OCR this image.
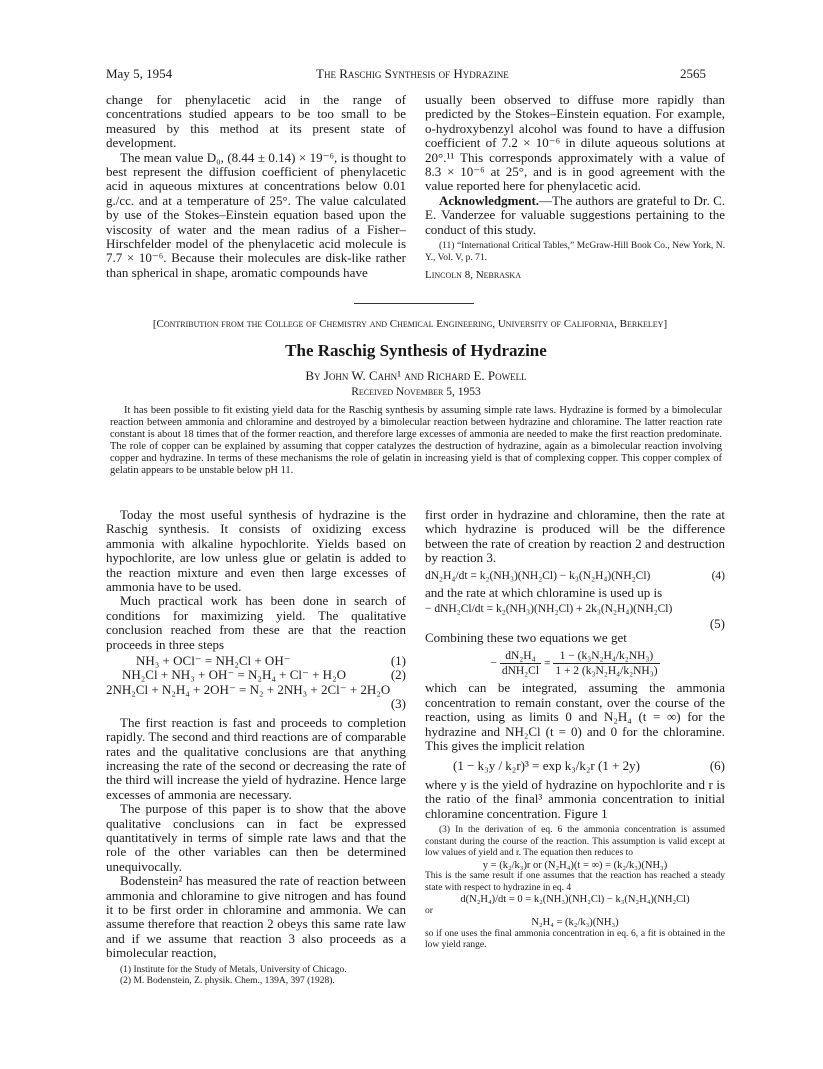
May 5, 1954	The Raschig Synthesis of Hydrazine	2565

change for phenylacetic acid in the range of concentrations studied appears to be too small to be measured by this method at its present state of development.

The mean value D₀, (8.44 ± 0.14) × 19⁻⁶, is thought to best represent the diffusion coefficient of phenylacetic acid in aqueous mixtures at concentrations below 0.01 g./cc. and at a temperature of 25°. The value calculated by use of the Stokes–Einstein equation based upon the viscosity of water and the mean radius of a Fisher–Hirschfelder model of the phenylacetic acid molecule is 7.7 × 10⁻⁶. Because their molecules are disk-like rather than spherical in shape, aromatic compounds have

usually been observed to diffuse more rapidly than predicted by the Stokes–Einstein equation. For example, o-hydroxybenzyl alcohol was found to have a diffusion coefficient of 7.2 × 10⁻⁶ in dilute aqueous solutions at 20°.¹¹ This corresponds approximately with a value of 8.3 × 10⁻⁶ at 25°, and is in good agreement with the value reported here for phenylacetic acid.

Acknowledgment.—The authors are grateful to Dr. C. E. Vanderzee for valuable suggestions pertaining to the conduct of this study.

(11) “International Critical Tables,” McGraw-Hill Book Co., New York, N. Y., Vol. V, p. 71.

Lincoln 8, Nebraska

[Contribution from the College of Chemistry and Chemical Engineering, University of California, Berkeley]
The Raschig Synthesis of Hydrazine
By John W. Cahn¹ and Richard E. Powell
Received November 5, 1953
It has been possible to fit existing yield data for the Raschig synthesis by assuming simple rate laws. Hydrazine is formed by a bimolecular reaction between ammonia and chloramine and destroyed by a bimolecular reaction between hydrazine and chloramine. The latter reaction rate constant is about 18 times that of the former reaction, and therefore large excesses of ammonia are needed to make the first reaction predominate. The role of copper can be explained by assuming that copper catalyzes the destruction of hydrazine, again as a bimolecular reaction involving copper and hydrazine. In terms of these mechanisms the role of gelatin in increasing yield is that of complexing copper. This copper complex of gelatin appears to be unstable below pH 11.

Today the most useful synthesis of hydrazine is the Raschig synthesis. It consists of oxidizing excess ammonia with alkaline hypochlorite. Yields based on hypochlorite, are low unless glue or gelatin is added to the reaction mixture and even then large excesses of ammonia have to be used.

Much practical work has been done in search of conditions for maximizing yield. The qualitative conclusion reached from these are that the reaction proceeds in three steps

NH₃ + OCl⁻ = NH₂Cl + OH⁻	(1)
NH₂Cl + NH₃ + OH⁻ = N₂H₄ + Cl⁻ + H₂O	(2)
2NH₂Cl + N₂H₄ + 2OH⁻ = N₂ + 2NH₃ + 2Cl⁻ + 2H₂O
(3)

The first reaction is fast and proceeds to completion rapidly. The second and third reactions are of comparable rates and the qualitative conclusions are that anything increasing the rate of the second or decreasing the rate of the third will increase the yield of hydrazine. Hence large excesses of ammonia are necessary.

The purpose of this paper is to show that the above qualitative conclusions can in fact be expressed quantitatively in terms of simple rate laws and that the role of the other variables can then be determined unequivocally.

Bodenstein² has measured the rate of reaction between ammonia and chloramine to give nitrogen and has found it to be first order in chloramine and ammonia. We can assume therefore that reaction 2 obeys this same rate law and if we assume that reaction 3 also proceeds as a bimolecular reaction,

(1) Institute for the Study of Metals, University of Chicago.

(2) M. Bodenstein, Z. physik. Chem., 139A, 397 (1928).

first order in hydrazine and chloramine, then the rate at which hydrazine is produced will be the difference between the rate of creation by reaction 2 and destruction by reaction 3.

dN₂H₄/dt = k₂(NH₃)(NH₂Cl) − k₃(N₂H₄)(NH₂Cl)	(4)

and the rate at which chloramine is used up is

− dNH₂Cl/dt = k₂(NH₃)(NH₂Cl) + 2k₃(N₂H₄)(NH₂Cl)
(5)

Combining these two equations we get

− $\frac{\text{dN₂H₄}}{\text{dNH₂Cl}} = \frac{\text{1 − (k₃N₂H₄/k₂NH₃)}}{\text{1 + 2 (k₃N₂H₄/k₂NH₃)}}$

which can be integrated, assuming the ammonia concentration to remain constant, over the course of the reaction, using as limits 0 and N₂H₄ (t = ∞) for the hydrazine and NH₂Cl (t = 0) and 0 for the chloramine. This gives the implicit relation

(1 − k₃y / k₂r)³ = exp k₃/k₂r (1 + 2y)	(6)

where y is the yield of hydrazine on hypochlorite and r is the ratio of the final³ ammonia concentration to initial chloramine concentration. Figure 1

(3) In the derivation of eq. 6 the ammonia concentration is assumed constant during the course of the reaction. This assumption is valid except at low values of yield and r. The equation then reduces to
y = (k₂/k₃)r or (N₂H₄)(t = ∞) = (k₂/k₃)(NH₃)
This is the same result if one assumes that the reaction has reached a steady state with respect to hydrazine in eq. 4
d(N₂H₄)/dt = 0 = k₂(NH₃)(NH₂Cl) − k₃(N₂H₄)(NH₂Cl)
or
N₂H₄ = (k₂/k₃)(NH₃)
so if one uses the final ammonia concentration in eq. 6, a fit is obtained in the low yield range.
